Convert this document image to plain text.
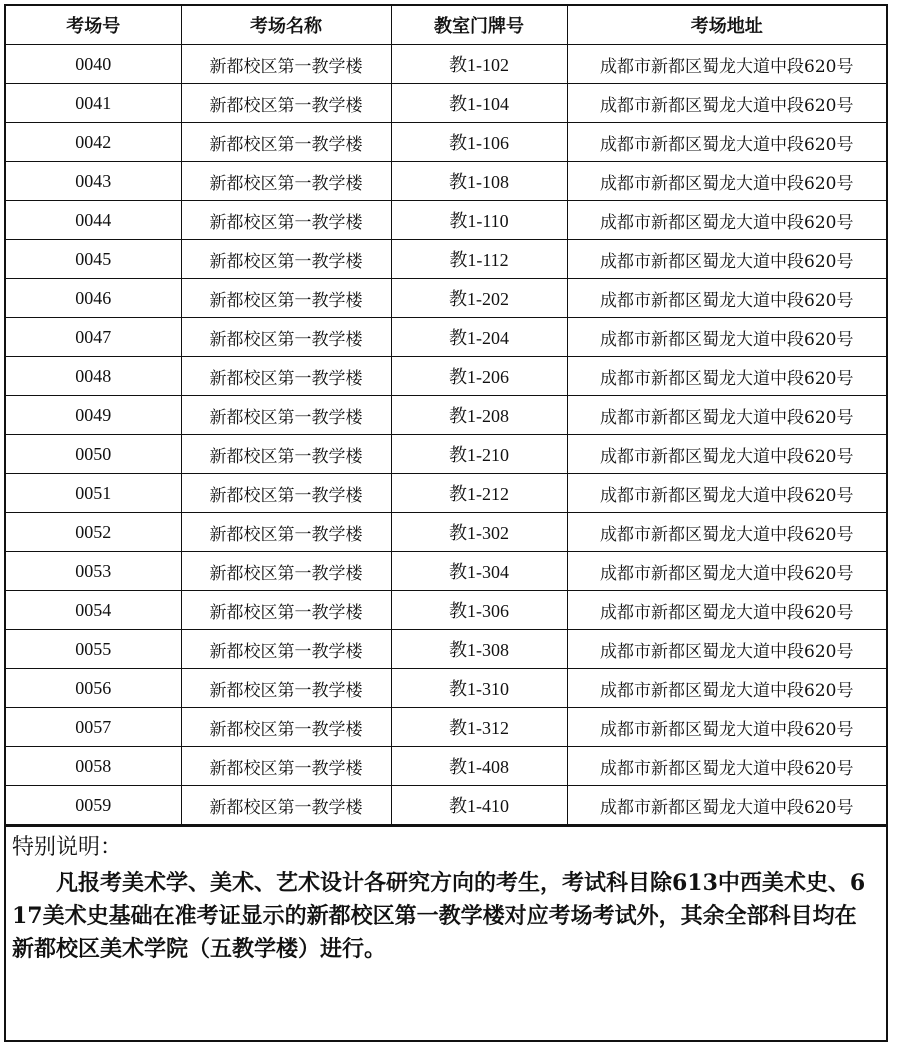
考场号	考场名称	教室门牌号	考场地址
0040	新都校区第一教学楼	教1-102	成都市新都区蜀龙大道中段620号
0041	新都校区第一教学楼	教1-104	成都市新都区蜀龙大道中段620号
0042	新都校区第一教学楼	教1-106	成都市新都区蜀龙大道中段620号
0043	新都校区第一教学楼	教1-108	成都市新都区蜀龙大道中段620号
0044	新都校区第一教学楼	教1-110	成都市新都区蜀龙大道中段620号
0045	新都校区第一教学楼	教1-112	成都市新都区蜀龙大道中段620号
0046	新都校区第一教学楼	教1-202	成都市新都区蜀龙大道中段620号
0047	新都校区第一教学楼	教1-204	成都市新都区蜀龙大道中段620号
0048	新都校区第一教学楼	教1-206	成都市新都区蜀龙大道中段620号
0049	新都校区第一教学楼	教1-208	成都市新都区蜀龙大道中段620号
0050	新都校区第一教学楼	教1-210	成都市新都区蜀龙大道中段620号
0051	新都校区第一教学楼	教1-212	成都市新都区蜀龙大道中段620号
0052	新都校区第一教学楼	教1-302	成都市新都区蜀龙大道中段620号
0053	新都校区第一教学楼	教1-304	成都市新都区蜀龙大道中段620号
0054	新都校区第一教学楼	教1-306	成都市新都区蜀龙大道中段620号
0055	新都校区第一教学楼	教1-308	成都市新都区蜀龙大道中段620号
0056	新都校区第一教学楼	教1-310	成都市新都区蜀龙大道中段620号
0057	新都校区第一教学楼	教1-312	成都市新都区蜀龙大道中段620号
0058	新都校区第一教学楼	教1-408	成都市新都区蜀龙大道中段620号
0059	新都校区第一教学楼	教1-410	成都市新都区蜀龙大道中段620号
特别说明：

凡报考美术学、美术、艺术设计各研究方向的考生，考试科目除613中西美术史、617美术史基础在准考证显示的新都校区第一教学楼对应考场考试外，其余全部科目均在新都校区美术学院（五教学楼）进行。
